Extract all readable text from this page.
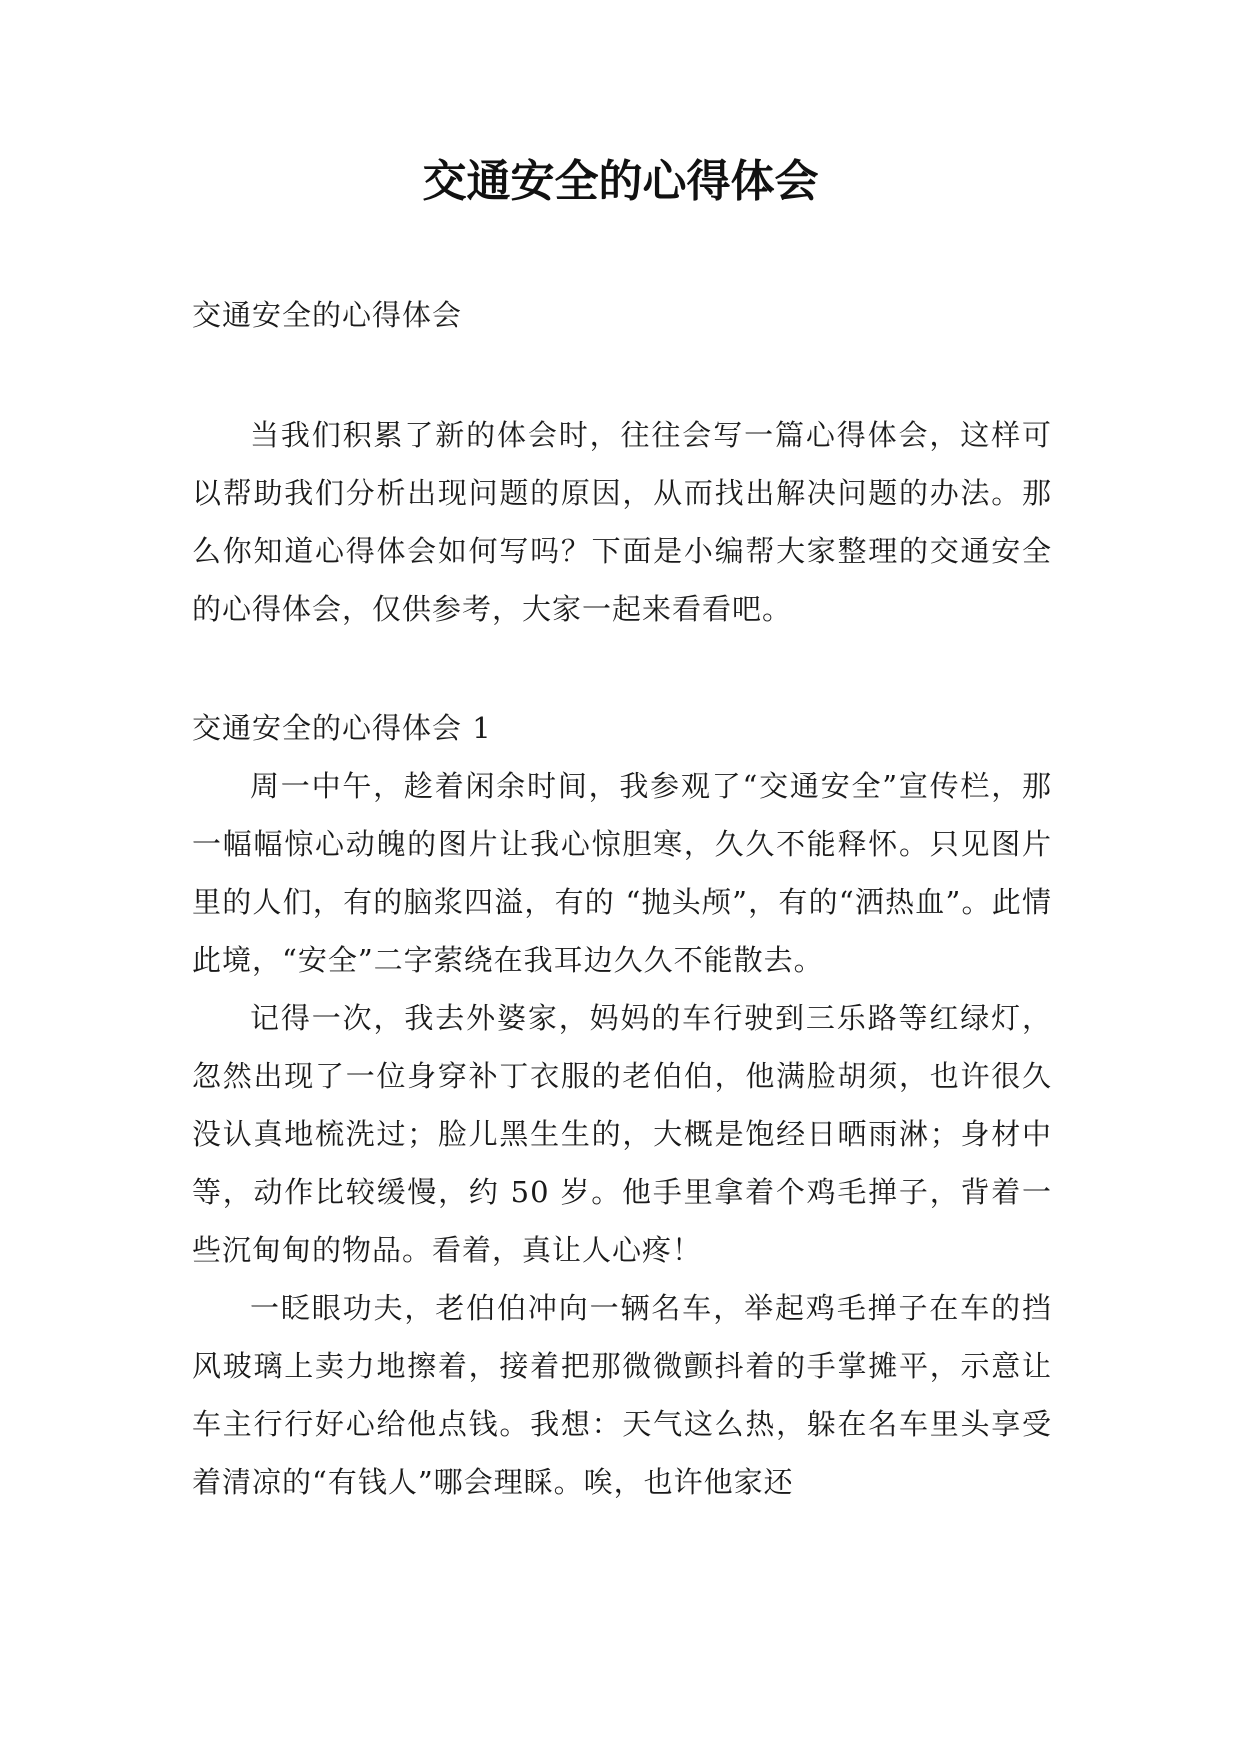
交通安全的心得体会

交通安全的心得体会

当我们积累了新的体会时，往往会写一篇心得体会，这样可以帮助我们分析出现问题的原因，从而找出解决问题的办法。那么你知道心得体会如何写吗？下面是小编帮大家整理的交通安全的心得体会，仅供参考，大家一起来看看吧。

交通安全的心得体会 1

周一中午，趁着闲余时间，我参观了“交通安全”宣传栏，那一幅幅惊心动魄的图片让我心惊胆寒，久久不能释怀。只见图片里的人们，有的脑浆四溢，有的 “抛头颅”，有的“洒热血”。此情此境，“安全”二字萦绕在我耳边久久不能散去。

记得一次，我去外婆家，妈妈的车行驶到三乐路等红绿灯，忽然出现了一位身穿补丁衣服的老伯伯，他满脸胡须，也许很久没认真地梳洗过；脸儿黑生生的，大概是饱经日晒雨淋；身材中等，动作比较缓慢，约 50 岁。他手里拿着个鸡毛掸子，背着一些沉甸甸的物品。看着，真让人心疼！

一眨眼功夫，老伯伯冲向一辆名车，举起鸡毛掸子在车的挡风玻璃上卖力地擦着，接着把那微微颤抖着的手掌摊平，示意让车主行行好心给他点钱。我想：天气这么热，躲在名车里头享受着清凉的“有钱人”哪会理睬。唉，也许他家还
